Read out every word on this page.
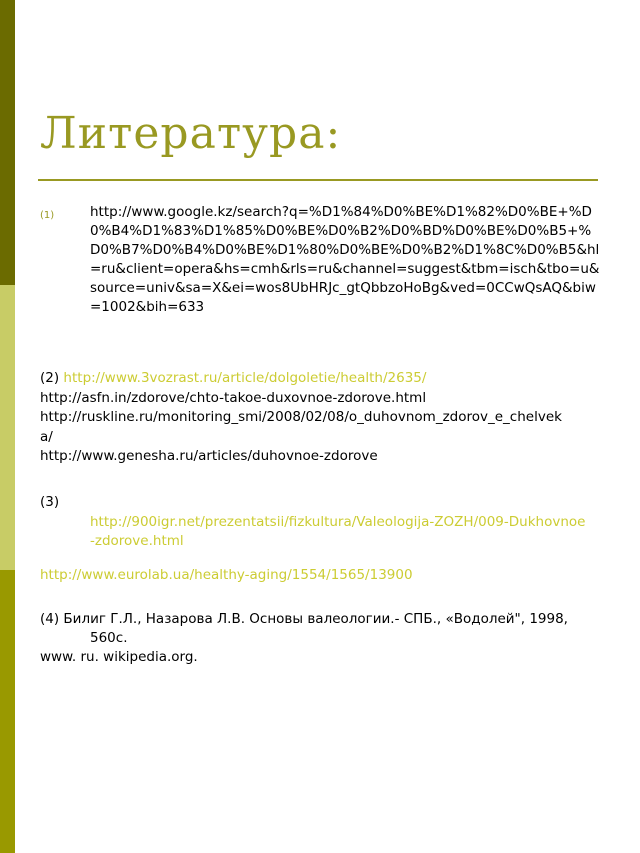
Литература:
(1)	http://www.google.kz/search?q=%D1%84%D0%BE%D1%82%D0%BE+%D0%B4%D1%83%D1%85%D0%BE%D0%B2%D0%BD%D0%BE%D0%B5+%D0%B7%D0%B4%D0%BE%D1%80%D0%BE%D0%B2%D1%8C%D0%B5&hl=ru&client=opera&hs=cmh&rls=ru&channel=suggest&tbm=isch&tbo=u&source=univ&sa=X&ei=wos8UbHRJc_gtQbbzoHoBg&ved=0CCwQsAQ&biw=1002&bih=633

(2) http://www.3vozrast.ru/article/dolgoletie/health/2635/

http://asfn.in/zdorove/chto-takoe-duxovnoe-zdorove.html

http://ruskline.ru/monitoring_smi/2008/02/08/o_duhovnom_zdorov_e_chelveka/

http://www.genesha.ru/articles/duhovnoe-zdorove

(3)

http://900igr.net/prezentatsii/fizkultura/Valeologija-ZOZH/009-Dukhovnoe-zdorove.html

http://www.eurolab.ua/healthy-aging/1554/1565/13900

(4) Билиг Г.Л., Назарова Л.В. Основы валеологии.- СПБ., «Водолей", 1998, 560с.

www. ru. wikipedia.org.
